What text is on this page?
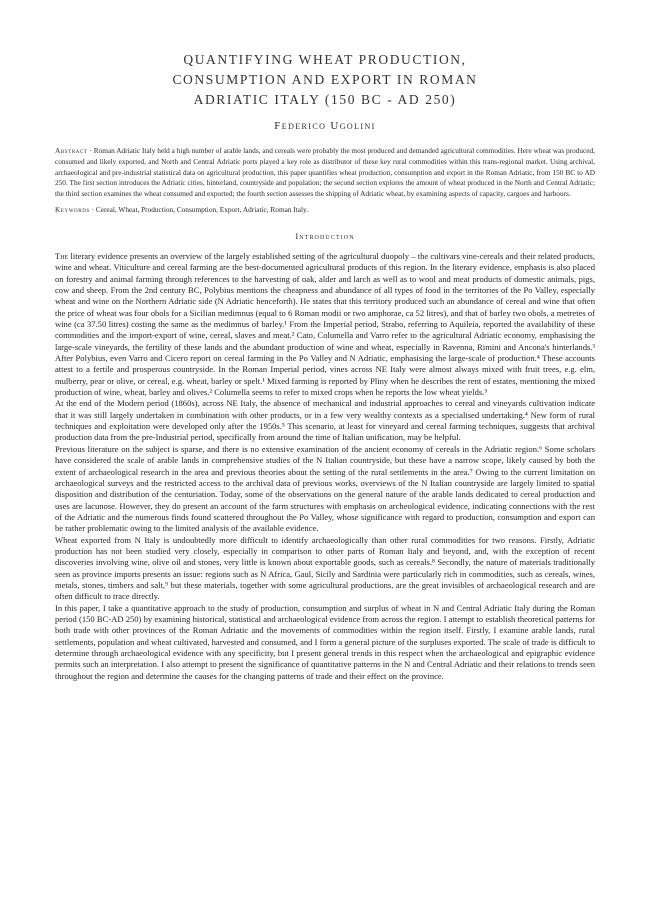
QUANTIFYING WHEAT PRODUCTION,
CONSUMPTION AND EXPORT IN ROMAN
ADRIATIC ITALY (150 BC - AD 250)
Federico Ugolini
Abstract · Roman Adriatic Italy held a high number of arable lands, and cereals were probably the most produced and demanded agricultural commodities. Here wheat was produced, consumed and likely exported, and North and Central Adriatic ports played a key role as distributor of these key rural commodities within this trans-regional market. Using archival, archaeological and pre-industrial statistical data on agricultural production, this paper quantifies wheat production, consumption and export in the Roman Adriatic, from 150 BC to AD 250. The first section introduces the Adriatic cities, hinterland, countryside and population; the second section explores the amount of wheat produced in the North and Central Adriatic; the third section examines the wheat consumed and exported; the fourth section assesses the shipping of Adriatic wheat, by examining aspects of capacity, cargoes and harbours.
Keywords · Cereal, Wheat, Production, Consumption, Export, Adriatic, Roman Italy.
Introduction

The literary evidence presents an overview of the largely established setting of the agricultural duopoly – the cultivars vine-cereals and their related products, wine and wheat. Viticulture and cereal farming are the best-documented agricultural products of this region. In the literary evidence, emphasis is also placed on forestry and animal farming through references to the harvesting of oak, alder and larch as well as to wool and meat products of domestic animals, pigs, cow and sheep. From the 2nd century BC, Polybius mentions the cheapness and abundance of all types of food in the territories of the Po Valley, especially wheat and wine on the Northern Adriatic side (N Adriatic henceforth). He states that this territory produced such an abundance of cereal and wine that often the price of wheat was four obols for a Sicilian medimnus (equal to 6 Roman modii or two amphorae, ca 52 litres), and that of barley two obols, a metretes of wine (ca 37.50 litres) costing the same as the medimnus of barley.¹ From the Imperial period, Strabo, referring to Aquileia, reported the availability of these commodities and the import-export of wine, cereal, slaves and meat.² Cato, Columella and Varro refer to the agricultural Adriatic economy, emphasising the large-scale vineyards, the fertility of these lands and the abundant production of wine and wheat, especially in Ravenna, Rimini and Ancona's hinterlands.³ After Polybius, even Varro and Cicero report on cereal farming in the Po Valley and N Adriatic, emphasising the large-scale of production.⁴ These accounts attest to a fertile and prosperous countryside. In the Roman Imperial period, vines across NE Italy were almost always mixed with fruit trees, e.g. elm, mulberry, pear or olive, or cereal, e.g. wheat, barley or spelt.¹ Mixed farming is reported by Pliny when he describes the rent of estates, mentioning the mixed production of wine, wheat, barley and olives.² Columella seems to refer to mixed crops when he reports the low wheat yields.³

At the end of the Modern period (1860s), across NE Italy, the absence of mechanical and industrial approaches to cereal and vineyards cultivation indicate that it was still largely undertaken in combination with other products, or in a few very wealthy contexts as a specialised undertaking.⁴ New form of rural techniques and exploitation were developed only after the 1950s.⁵ This scenario, at least for vineyard and cereal farming techniques, suggests that archival production data from the pre-Industrial period, specifically from around the time of Italian unification, may be helpful.

Previous literature on the subject is sparse, and there is no extensive examination of the ancient economy of cereals in the Adriatic region.⁶ Some scholars have considered the scale of arable lands in comprehensive studies of the N Italian countryside, but these have a narrow scope, likely caused by both the extent of archaeological research in the area and previous theories about the setting of the rural settlements in the area.⁷ Owing to the current limitation on archaeological surveys and the restricted access to the archival data of previous works, overviews of the N Italian countryside are largely limited to spatial disposition and distribution of the centuriation. Today, some of the observations on the general nature of the arable lands dedicated to cereal production and uses are lacunose. However, they do present an account of the farm structures with emphasis on archeological evidence, indicating connections with the rest of the Adriatic and the numerous finds found scattered throughout the Po Valley, whose significance with regard to production, consumption and export can be rather problematic owing to the limited analysis of the available evidence.

Wheat exported from N Italy is undoubtedly more difficult to identify archaeologically than other rural commodities for two reasons. Firstly, Adriatic production has not been studied very closely, especially in comparison to other parts of Roman Italy and beyond, and, with the exception of recent discoveries involving wine, olive oil and stones, very little is known about exportable goods, such as cereals.⁸ Secondly, the nature of materials traditionally seen as province imports presents an issue: regions such as N Africa, Gaul, Sicily and Sardinia were particularly rich in commodities, such as cereals, wines, metals, stones, timbers and salt,⁹ but these materials, together with some agricultural productions, are the great invisibles of archaeological research and are often difficult to trace directly.

In this paper, I take a quantitative approach to the study of production, consumption and surplus of wheat in N and Central Adriatic Italy during the Roman period (150 BC-AD 250) by examining historical, statistical and archaeological evidence from across the region. I attempt to establish theoretical patterns for both trade with other provinces of the Roman Adriatic and the movements of commodities within the region itself. Firstly, I examine arable lands, rural settlements, population and wheat cultivated, harvested and consumed, and I form a general picture of the surpluses exported. The scale of trade is difficult to determine through archaeological evidence with any specificity, but I present general trends in this respect when the archaeological and epigraphic evidence permits such an interpretation. I also attempt to present the significance of quantitative patterns in the N and Central Adriatic and their relations to trends seen throughout the region and determine the causes for the changing patterns of trade and their effect on the province.
